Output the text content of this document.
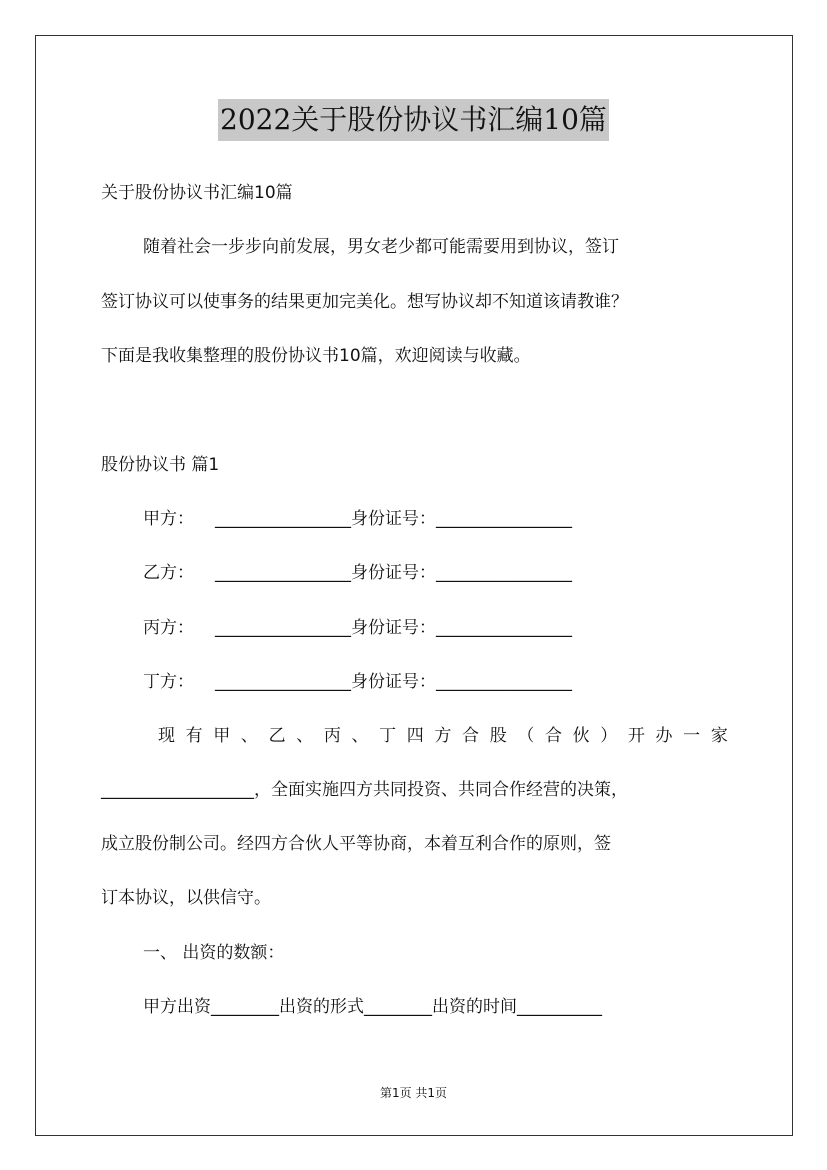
2022关于股份协议书汇编10篇
关于股份协议书汇编10篇
随着社会一步步向前发展，男女老少都可能需要用到协议，签订
签订协议可以使事务的结果更加完美化。想写协议却不知道该请教谁？
下面是我收集整理的股份协议书10篇，欢迎阅读与收藏。
股份协议书 篇1
甲方： ________________身份证号：________________
乙方： ________________身份证号：________________
丙方： ________________身份证号：________________
丁方： ________________身份证号：________________
现 有 甲 、 乙 、 丙 、 丁 四 方 合 股 （ 合 伙 ） 开 办 一 家
__________________，全面实施四方共同投资、共同合作经营的决策，
成立股份制公司。经四方合伙人平等协商，本着互利合作的原则，签
订本协议，以供信守。
一、 出资的数额：
甲方出资________出资的形式________出资的时间__________
第1页 共1页
